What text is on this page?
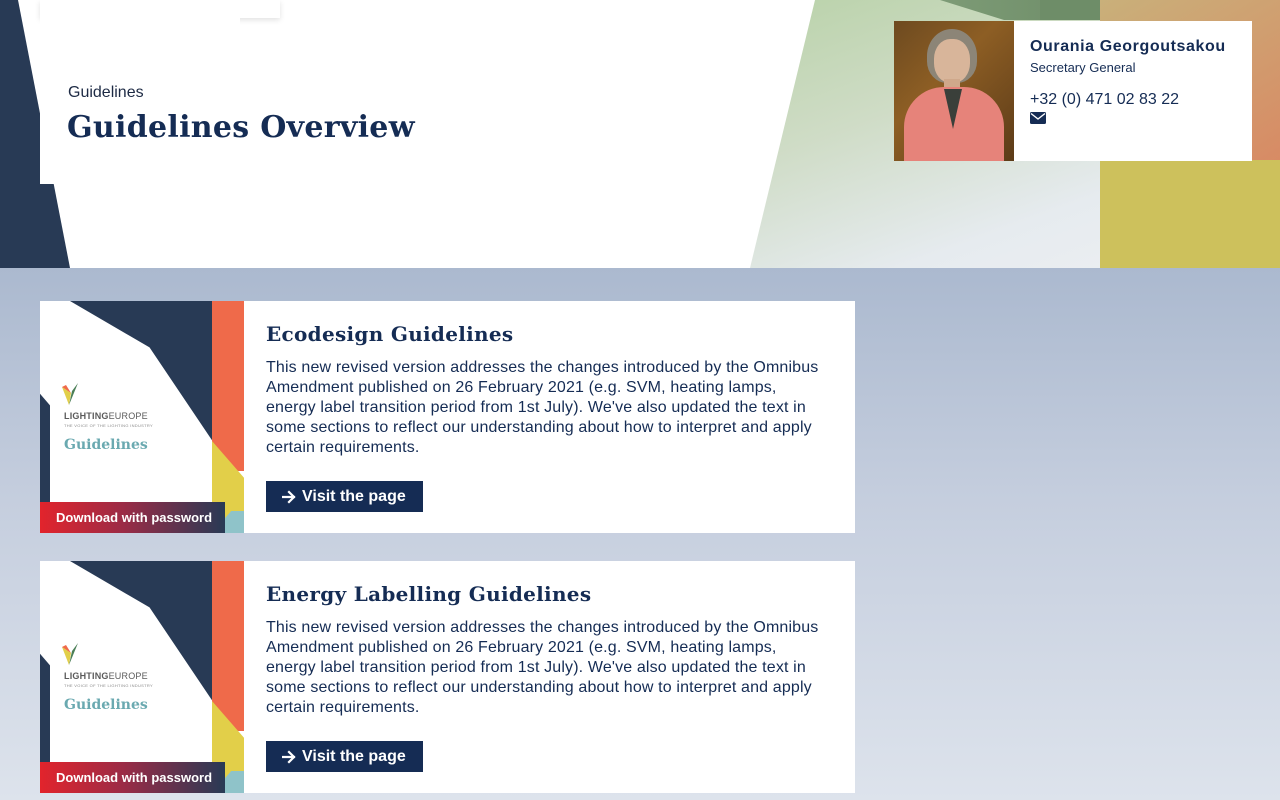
Guidelines
Guidelines Overview
Ourania Georgoutsakou
Secretary General
+32 (0) 471 02 83 22
LIGHTINGEUROPE
THE VOICE OF THE LIGHTING INDUSTRY
Guidelines
Download with password
Ecodesign Guidelines

This new revised version addresses the changes introduced by the Omnibus Amendment published on 26 February 2021 (e.g. SVM, heating lamps, energy label transition period from 1st July). We've also updated the text in some sections to reflect our understanding about how to interpret and apply certain requirements.

Visit the page
LIGHTINGEUROPE
THE VOICE OF THE LIGHTING INDUSTRY
Guidelines
Download with password
Energy Labelling Guidelines

This new revised version addresses the changes introduced by the Omnibus Amendment published on 26 February 2021 (e.g. SVM, heating lamps, energy label transition period from 1st July). We've also updated the text in some sections to reflect our understanding about how to interpret and apply certain requirements.

Visit the page
